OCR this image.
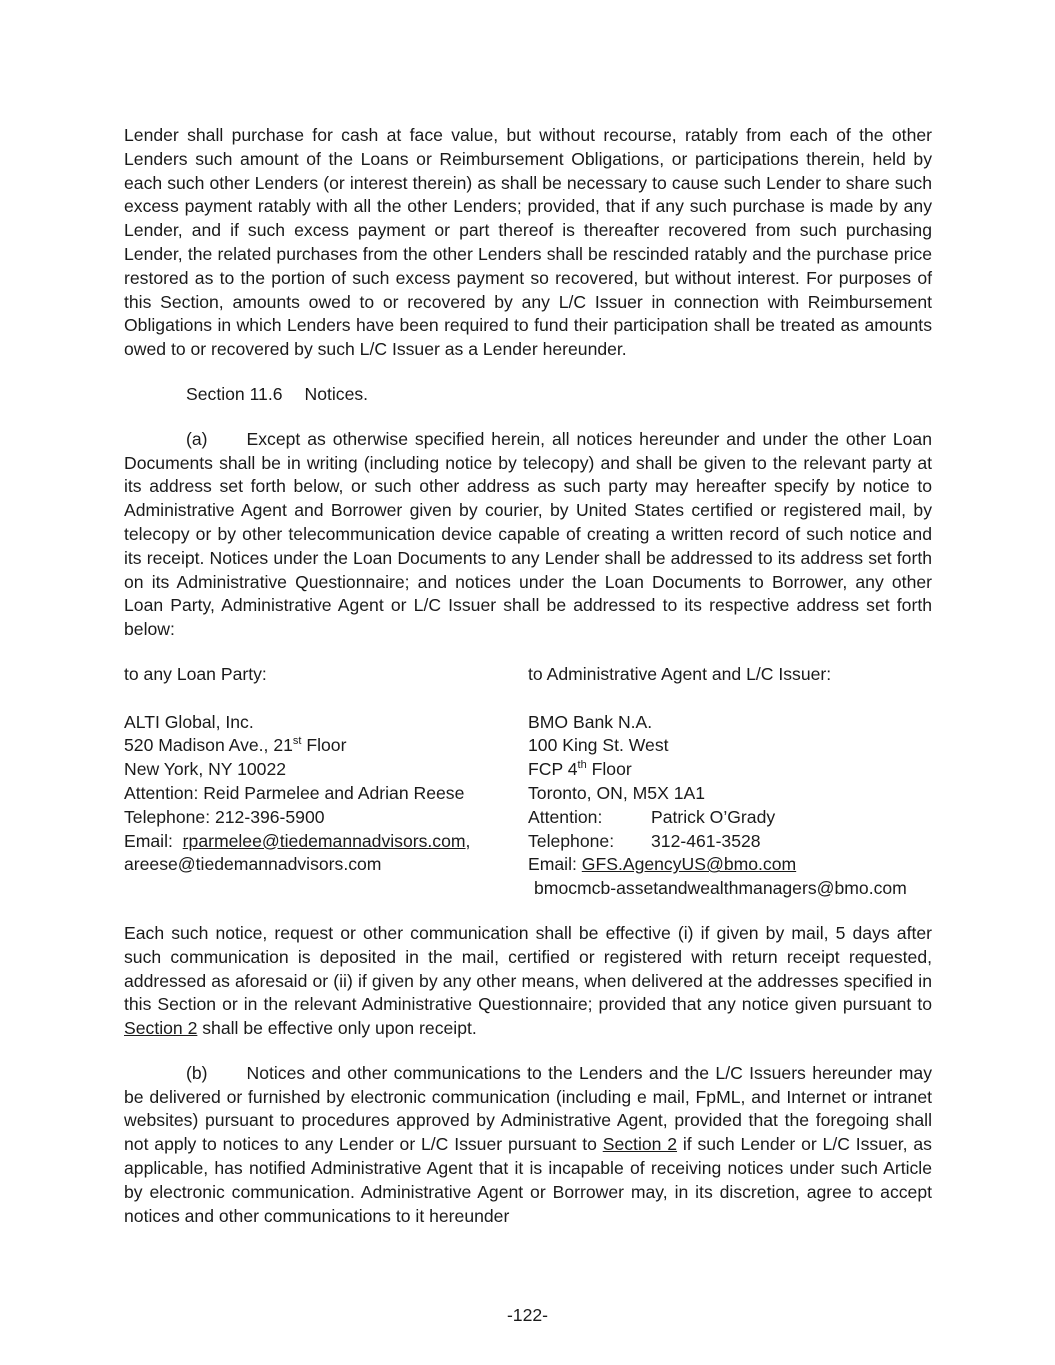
Lender shall purchase for cash at face value, but without recourse, ratably from each of the other Lenders such amount of the Loans or Reimbursement Obligations, or participations therein, held by each such other Lenders (or interest therein) as shall be necessary to cause such Lender to share such excess payment ratably with all the other Lenders; provided, that if any such purchase is made by any Lender, and if such excess payment or part thereof is thereafter recovered from such purchasing Lender, the related purchases from the other Lenders shall be rescinded ratably and the purchase price restored as to the portion of such excess payment so recovered, but without interest. For purposes of this Section, amounts owed to or recovered by any L/C Issuer in connection with Reimbursement Obligations in which Lenders have been required to fund their participation shall be treated as amounts owed to or recovered by such L/C Issuer as a Lender hereunder.

Section 11.6 Notices.

(a) Except as otherwise specified herein, all notices hereunder and under the other Loan Documents shall be in writing (including notice by telecopy) and shall be given to the relevant party at its address set forth below, or such other address as such party may hereafter specify by notice to Administrative Agent and Borrower given by courier, by United States certified or registered mail, by telecopy or by other telecommunication device capable of creating a written record of such notice and its receipt. Notices under the Loan Documents to any Lender shall be addressed to its address set forth on its Administrative Questionnaire; and notices under the Loan Documents to Borrower, any other Loan Party, Administrative Agent or L/C Issuer shall be addressed to its respective address set forth below:

to any Loan Party:

ALTI Global, Inc.
520 Madison Ave., 21st Floor
New York, NY 10022
Attention: Reid Parmelee and Adrian Reese
Telephone: 212-396-5900
Email:  rparmelee@tiedemannadvisors.com,
areese@tiedemannadvisors.com
to Administrative Agent and L/C Issuer:

BMO Bank N.A.
100 King St. West
FCP 4th Floor
Toronto, ON, M5X 1A1
Attention:	Patrick O’Grady
Telephone: 312-461-3528
Email: GFS.AgencyUS@bmo.com
bmocmcb-assetandwealthmanagers@bmo.com

Each such notice, request or other communication shall be effective (i) if given by mail, 5 days after such communication is deposited in the mail, certified or registered with return receipt requested, addressed as aforesaid or (ii) if given by any other means, when delivered at the addresses specified in this Section or in the relevant Administrative Questionnaire; provided that any notice given pursuant to Section 2 shall be effective only upon receipt.

(b) Notices and other communications to the Lenders and the L/C Issuers hereunder may be delivered or furnished by electronic communication (including e mail, FpML, and Internet or intranet websites) pursuant to procedures approved by Administrative Agent, provided that the foregoing shall not apply to notices to any Lender or L/C Issuer pursuant to Section 2 if such Lender or L/C Issuer, as applicable, has notified Administrative Agent that it is incapable of receiving notices under such Article by electronic communication. Administrative Agent or Borrower may, in its discretion, agree to accept notices and other communications to it hereunder

-122-
